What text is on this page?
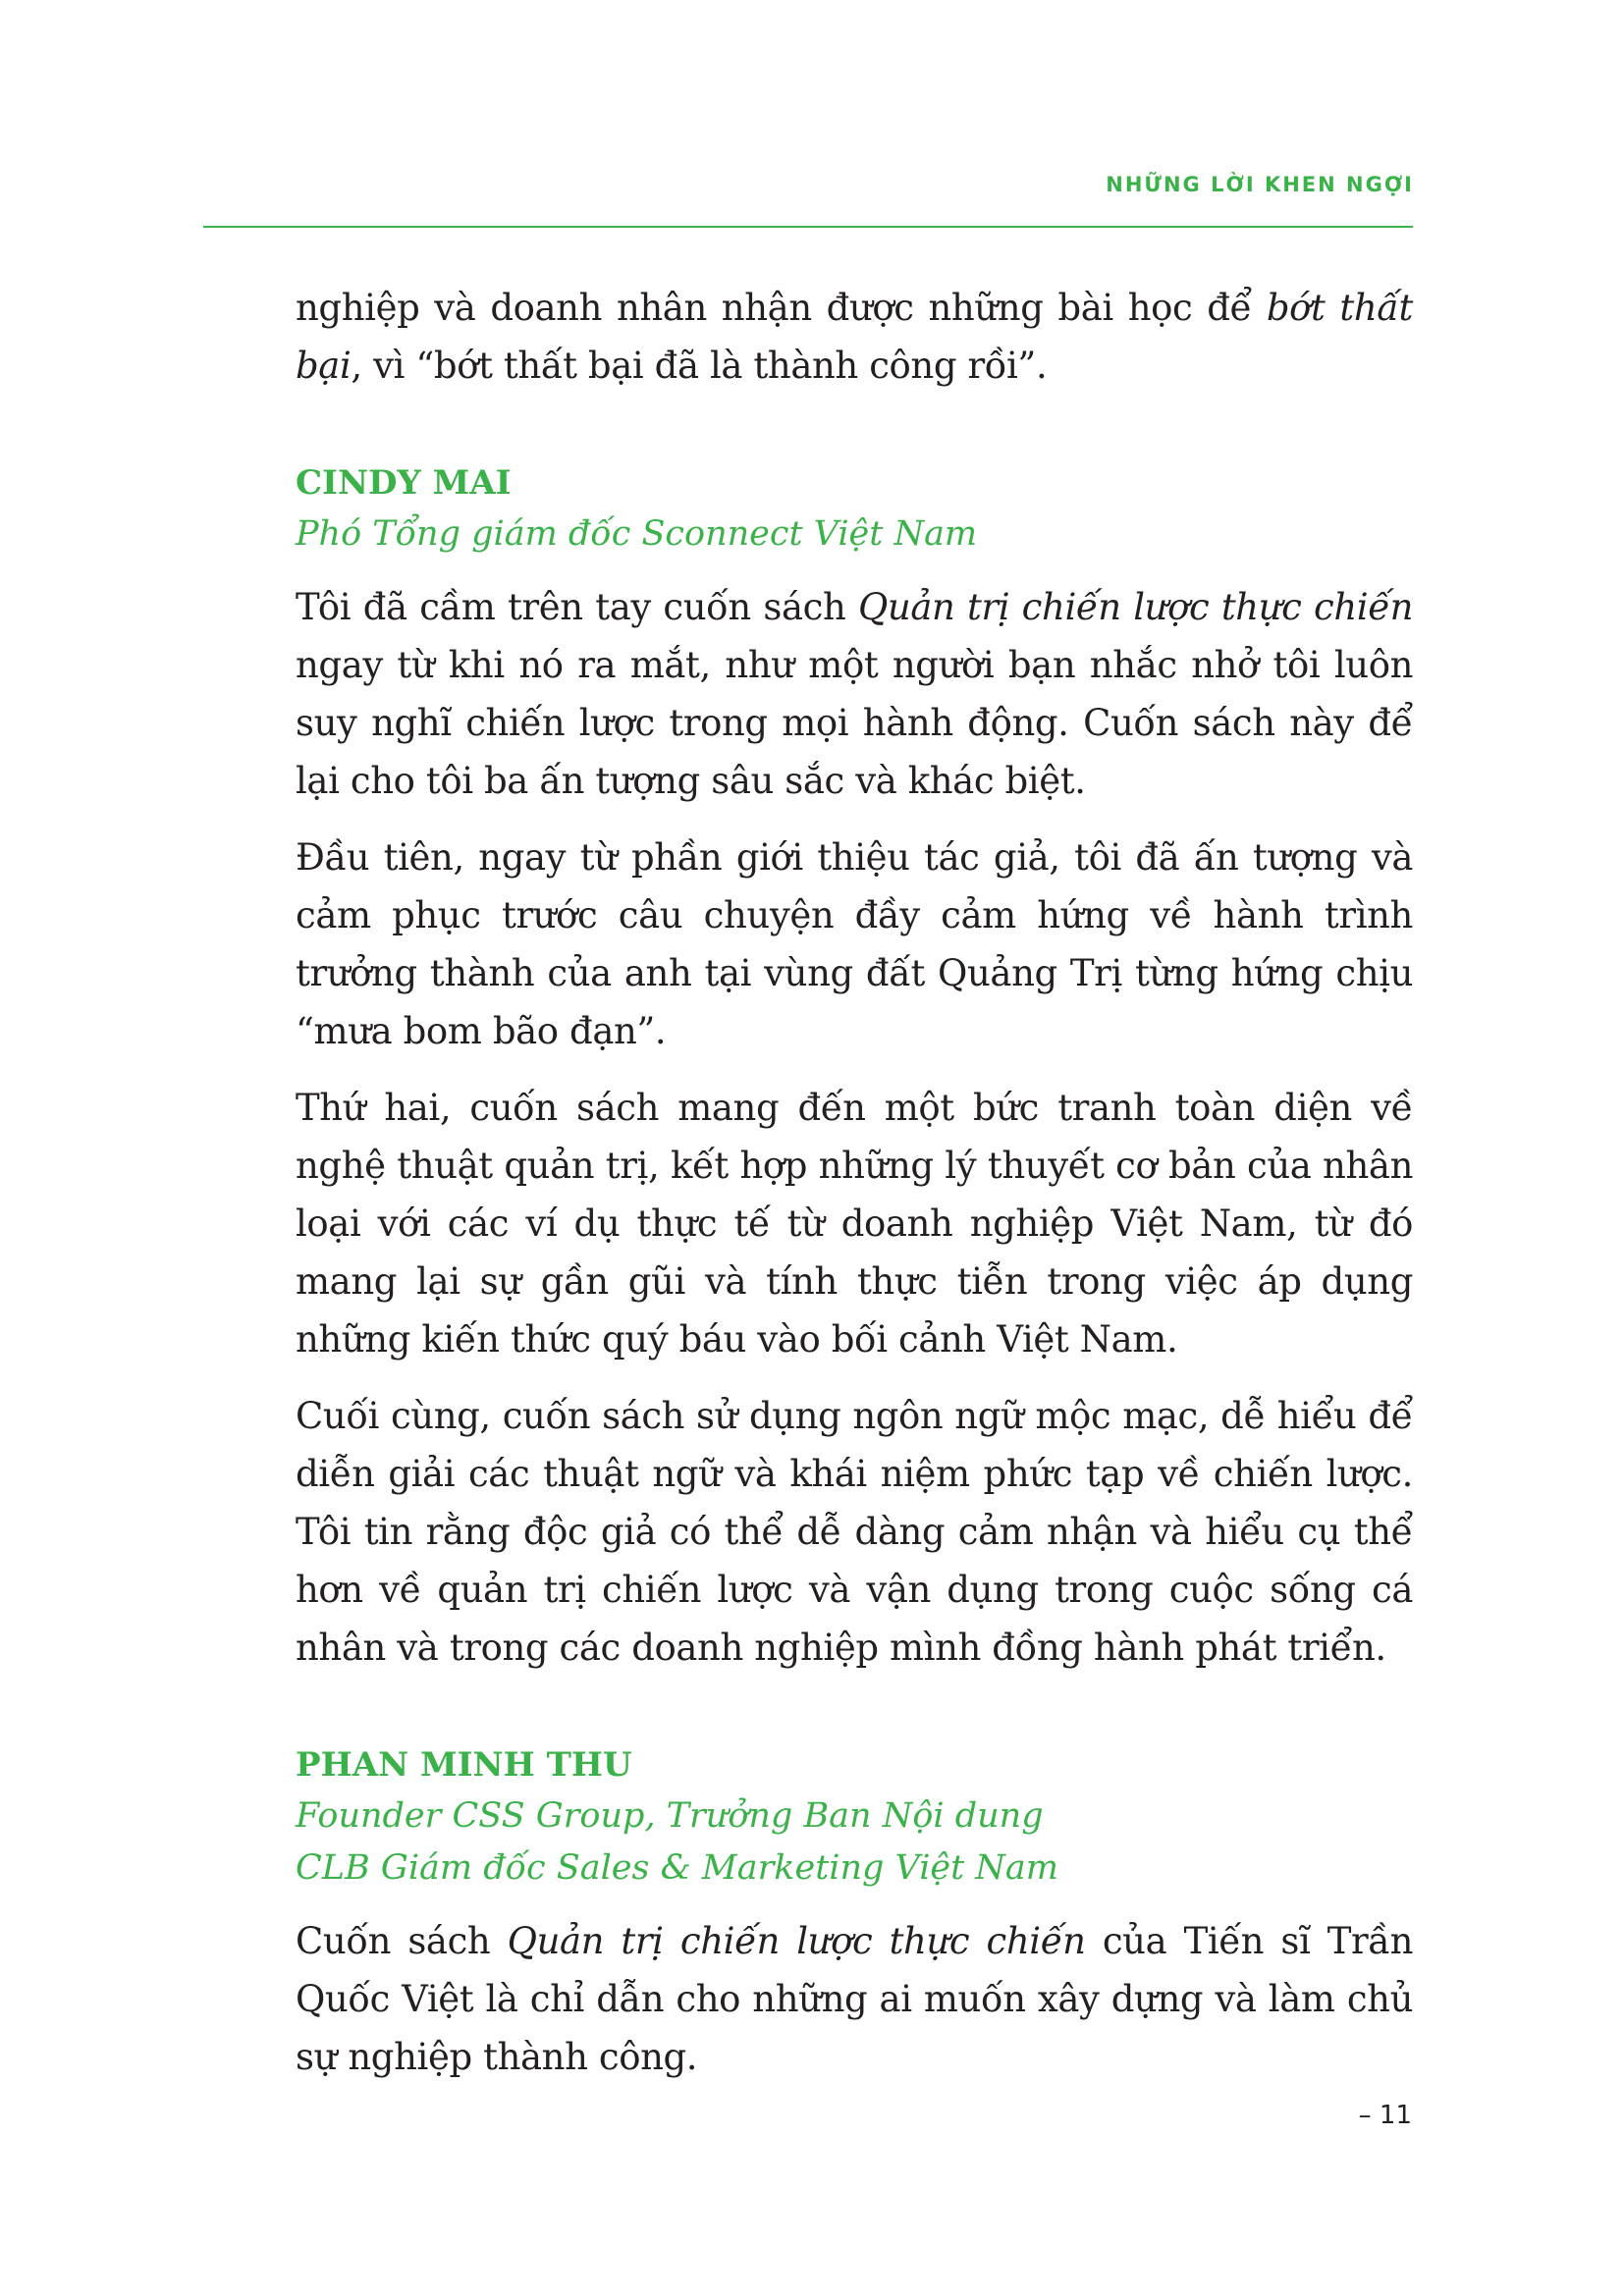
NHỮNG LỜI KHEN NGỢI

nghiệp và doanh nhân nhận được những bài học để bớt thất bại, vì “bớt thất bại đã là thành công rồi”.

CINDY MAI

Phó Tổng giám đốc Sconnect Việt Nam

Tôi đã cầm trên tay cuốn sách Quản trị chiến lược thực chiến ngay từ khi nó ra mắt, như một người bạn nhắc nhở tôi luôn suy nghĩ chiến lược trong mọi hành động. Cuốn sách này để lại cho tôi ba ấn tượng sâu sắc và khác biệt.

Đầu tiên, ngay từ phần giới thiệu tác giả, tôi đã ấn tượng và cảm phục trước câu chuyện đầy cảm hứng về hành trình trưởng thành của anh tại vùng đất Quảng Trị từng hứng chịu “mưa bom bão đạn”.

Thứ hai, cuốn sách mang đến một bức tranh toàn diện về nghệ thuật quản trị, kết hợp những lý thuyết cơ bản của nhân loại với các ví dụ thực tế từ doanh nghiệp Việt Nam, từ đó mang lại sự gần gũi và tính thực tiễn trong việc áp dụng những kiến thức quý báu vào bối cảnh Việt Nam.

Cuối cùng, cuốn sách sử dụng ngôn ngữ mộc mạc, dễ hiểu để diễn giải các thuật ngữ và khái niệm phức tạp về chiến lược. Tôi tin rằng độc giả có thể dễ dàng cảm nhận và hiểu cụ thể hơn về quản trị chiến lược và vận dụng trong cuộc sống cá nhân và trong các doanh nghiệp mình đồng hành phát triển.

PHAN MINH THU

Founder CSS Group, Trưởng Ban Nội dung

CLB Giám đốc Sales & Marketing Việt Nam

Cuốn sách Quản trị chiến lược thực chiến của Tiến sĩ Trần Quốc Việt là chỉ dẫn cho những ai muốn xây dựng và làm chủ sự nghiệp thành công.

– 11
